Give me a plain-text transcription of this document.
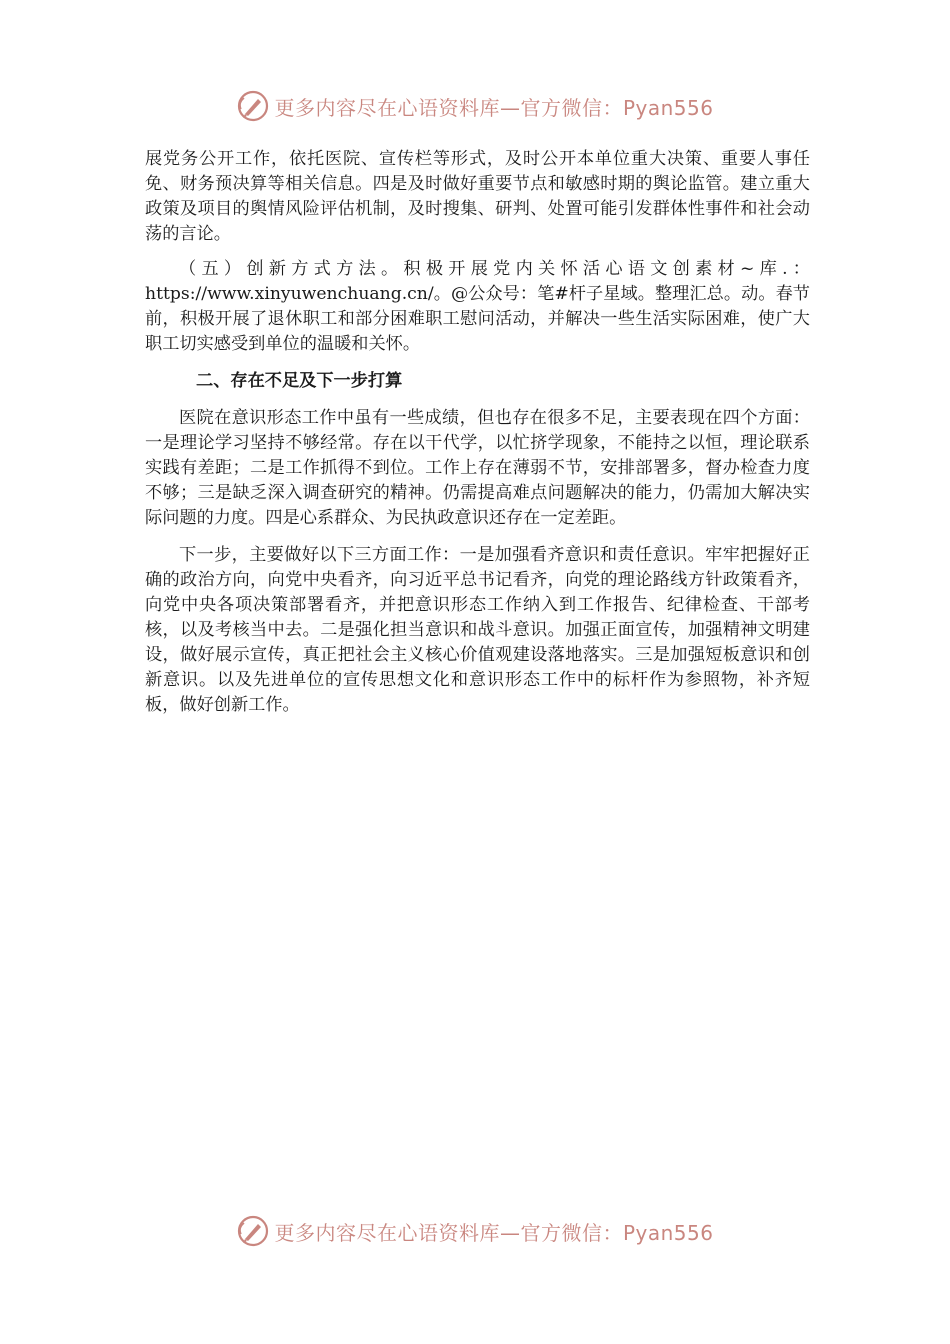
更多内容尽在心语资料库—官方微信：Pyan556

展党务公开工作，依托医院、宣传栏等形式，及时公开本单位重大决策、重要人事任免、财务预决算等相关信息。四是及时做好重要节点和敏感时期的舆论监管。建立重大政策及项目的舆情风险评估机制，及时搜集、研判、处置可能引发群体性事件和社会动荡的言论。

（五）创新方式方法。积极开展党内关怀活心语文创素材~库.：https://www.xinyuwenchuang.cn/。@公众号：笔#杆子星域。整理汇总。动。春节前，积极开展了退休职工和部分困难职工慰问活动，并解决一些生活实际困难，使广大职工切实感受到单位的温暖和关怀。

二、存在不足及下一步打算

医院在意识形态工作中虽有一些成绩，但也存在很多不足，主要表现在四个方面：一是理论学习坚持不够经常。存在以干代学，以忙挤学现象，不能持之以恒，理论联系实践有差距；二是工作抓得不到位。工作上存在薄弱不节，安排部署多，督办检查力度不够；三是缺乏深入调查研究的精神。仍需提高难点问题解决的能力，仍需加大解决实际问题的力度。四是心系群众、为民执政意识还存在一定差距。

下一步，主要做好以下三方面工作：一是加强看齐意识和责任意识。牢牢把握好正确的政治方向，向党中央看齐，向习近平总书记看齐，向党的理论路线方针政策看齐，向党中央各项决策部署看齐，并把意识形态工作纳入到工作报告、纪律检查、干部考核，以及考核当中去。二是强化担当意识和战斗意识。加强正面宣传，加强精神文明建设，做好展示宣传，真正把社会主义核心价值观建设落地落实。三是加强短板意识和创新意识。以及先进单位的宣传思想文化和意识形态工作中的标杆作为参照物，补齐短板，做好创新工作。

更多内容尽在心语资料库—官方微信：Pyan556
